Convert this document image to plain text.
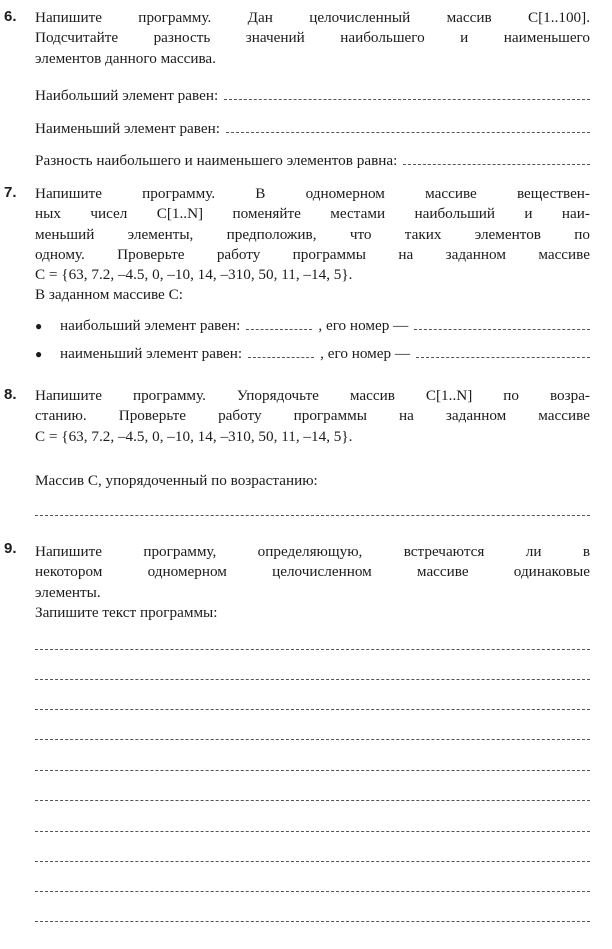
6. Напишите программу. Дан целочисленный массив C[1..100].
Подсчитайте разность значений наибольшего и наименьшего
элементов данного массива.
Наибольший элемент равен:
Наименьший элемент равен:
Разность наибольшего и наименьшего элементов равна:
7. Напишите программу. В одномерном массиве веществен-
ных чисел C[1..N] поменяйте местами наибольший и наи-
меньший элементы, предположив, что таких элементов по
одному. Проверьте работу программы на заданном массиве
C = {63, 7.2, –4.5, 0, –10, 14, –310, 50, 11, –14, 5}.
В заданном массиве C:
●	наибольший элемент равен:	, его номер —
●	наименьший элемент равен:	, его номер —
8. Напишите программу. Упорядочьте массив C[1..N] по возра-
станию. Проверьте работу программы на заданном массиве
C = {63, 7.2, –4.5, 0, –10, 14, –310, 50, 11, –14, 5}.
Массив C, упорядоченный по возрастанию:
9. Напишите программу, определяющую, встречаются ли в
некотором одномерном целочисленном массиве одинаковые
элементы.
Запишите текст программы:
